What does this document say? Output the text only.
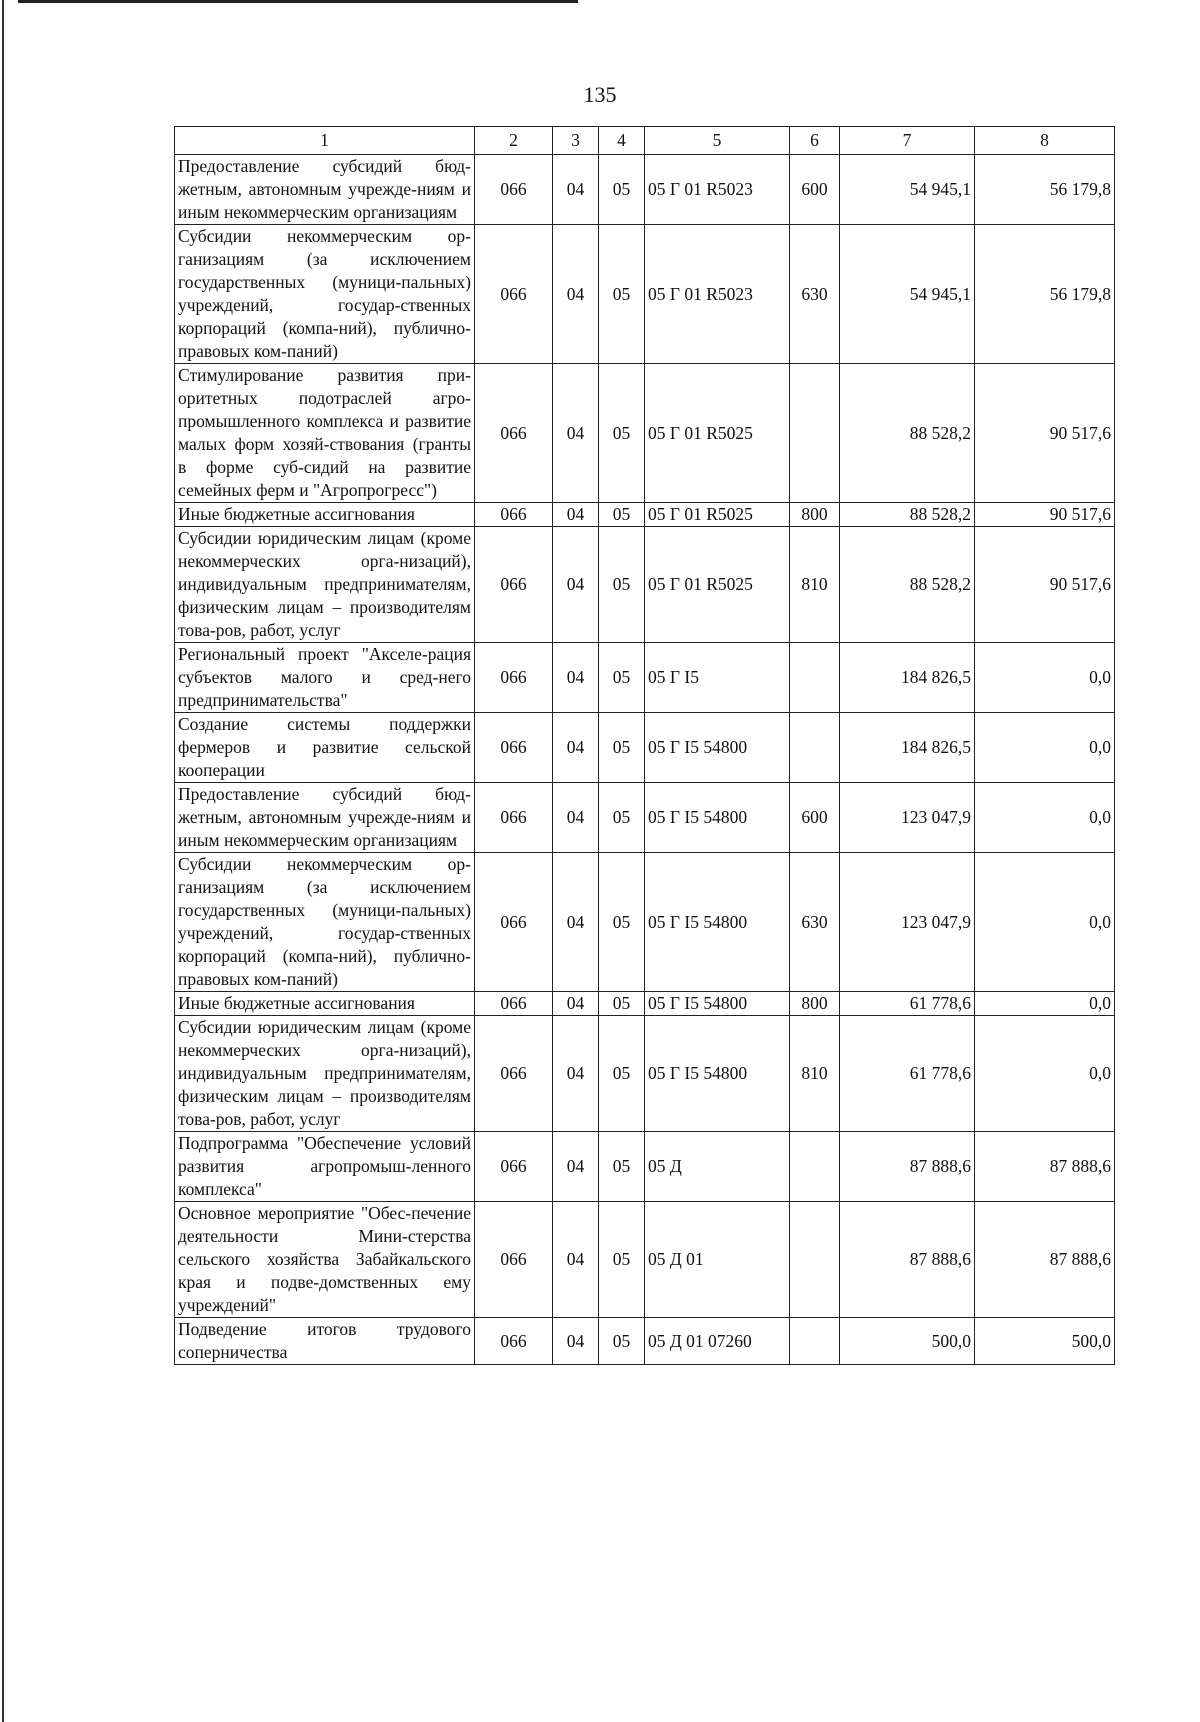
135
1	2	3	4	5	6	7	8
Предоставление субсидий бюд-жетным, автономным учрежде-ниям и иным некоммерческим организациям	066	04	05	05 Г 01 R5023	600	54 945,1	56 179,8
Субсидии некоммерческим ор-ганизациям (за исключением государственных (муници-пальных) учреждений, государ-ственных корпораций (компа-ний), публично-правовых ком-паний)	066	04	05	05 Г 01 R5023	630	54 945,1	56 179,8
Стимулирование развития при-оритетных подотраслей агро-промышленного комплекса и развитие малых форм хозяй-ствования (гранты в форме суб-сидий на развитие семейных ферм и "Агропрогресс")	066	04	05	05 Г 01 R5025		88 528,2	90 517,6
Иные бюджетные ассигнования	066	04	05	05 Г 01 R5025	800	88 528,2	90 517,6
Субсидии юридическим лицам (кроме некоммерческих орга-низаций), индивидуальным предпринимателям, физическим лицам – производителям това-ров, работ, услуг	066	04	05	05 Г 01 R5025	810	88 528,2	90 517,6
Региональный проект "Акселе-рация субъектов малого и сред-него предпринимательства"	066	04	05	05 Г I5		184 826,5	0,0
Создание системы поддержки фермеров и развитие сельской кооперации	066	04	05	05 Г I5 54800		184 826,5	0,0
Предоставление субсидий бюд-жетным, автономным учрежде-ниям и иным некоммерческим организациям	066	04	05	05 Г I5 54800	600	123 047,9	0,0
Субсидии некоммерческим ор-ганизациям (за исключением государственных (муници-пальных) учреждений, государ-ственных корпораций (компа-ний), публично-правовых ком-паний)	066	04	05	05 Г I5 54800	630	123 047,9	0,0
Иные бюджетные ассигнования	066	04	05	05 Г I5 54800	800	61 778,6	0,0
Субсидии юридическим лицам (кроме некоммерческих орга-низаций), индивидуальным предпринимателям, физическим лицам – производителям това-ров, работ, услуг	066	04	05	05 Г I5 54800	810	61 778,6	0,0
Подпрограмма "Обеспечение условий развития агропромыш-ленного комплекса"	066	04	05	05 Д		87 888,6	87 888,6
Основное мероприятие "Обес-печение деятельности Мини-стерства сельского хозяйства Забайкальского края и подве-домственных ему учреждений"	066	04	05	05 Д 01		87 888,6	87 888,6
Подведение итогов трудового соперничества	066	04	05	05 Д 01 07260		500,0	500,0
